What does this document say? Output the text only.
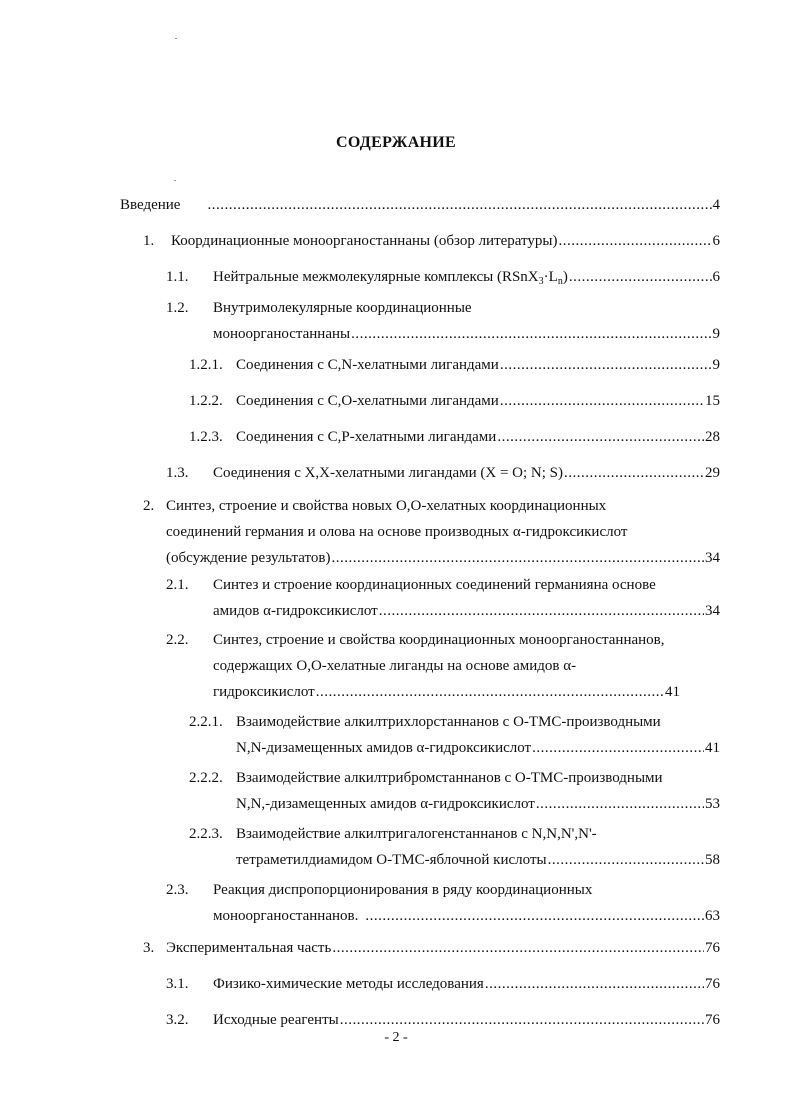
СОДЕРЖАНИЕ
Введение .....	4
1. Координационные моноорганостаннаны (обзор литературы) .....	6
1.1. Нейтральные межмолекулярные комплексы $(RSnX_3\cdot L_n)$ .....	6
1.2. Внутримолекулярные координационные
моноорганостаннаны .....	9
1.2.1. Соединения с C,N-хелатными лигандами .....	9
1.2.2. Соединения с C,O-хелатными лигандами .....	15
1.2.3. Соединения с C,P-хелатными лигандами .....	28
1.3. Соединения с X,X-хелатными лигандами (X = O; N; S) .....	29
2. Синтез, строение и свойства новых O,O-хелатных координационных
соединений германия и олова на основе производных α-гидроксикислот
(обсуждение результатов) .....	34
2.1. Синтез и строение координационных соединений германияна основе
амидов α-гидроксикислот .....	34
2.2. Синтез, строение и свойства координационных моноорганостаннанов,
содержащих O,O-хелатные лиганды на основе амидов α-
гидроксикислот .....	41
2.2.1. Взаимодействие алкилтрихлорстаннанов с O-TMC-производными
N,N-дизамещенных амидов α-гидроксикислот .....	41
2.2.2. Взаимодействие алкилтрибромстаннанов с O-TMC-производными
N,N,-дизамещенных амидов α-гидроксикислот .....	53
2.2.3. Взаимодействие алкилтригалогенстаннанов с N,N,N',N'-
тетраметилдиамидом O-TMC-яблочной кислоты .....	58
2.3. Реакция диспропорционирования в ряду координационных
моноорганостаннанов. .....	63
3. Экспериментальная часть .....	76
3.1. Физико-химические методы исследования .....	76
3.2. Исходные реагенты .....	76
- 2 -
